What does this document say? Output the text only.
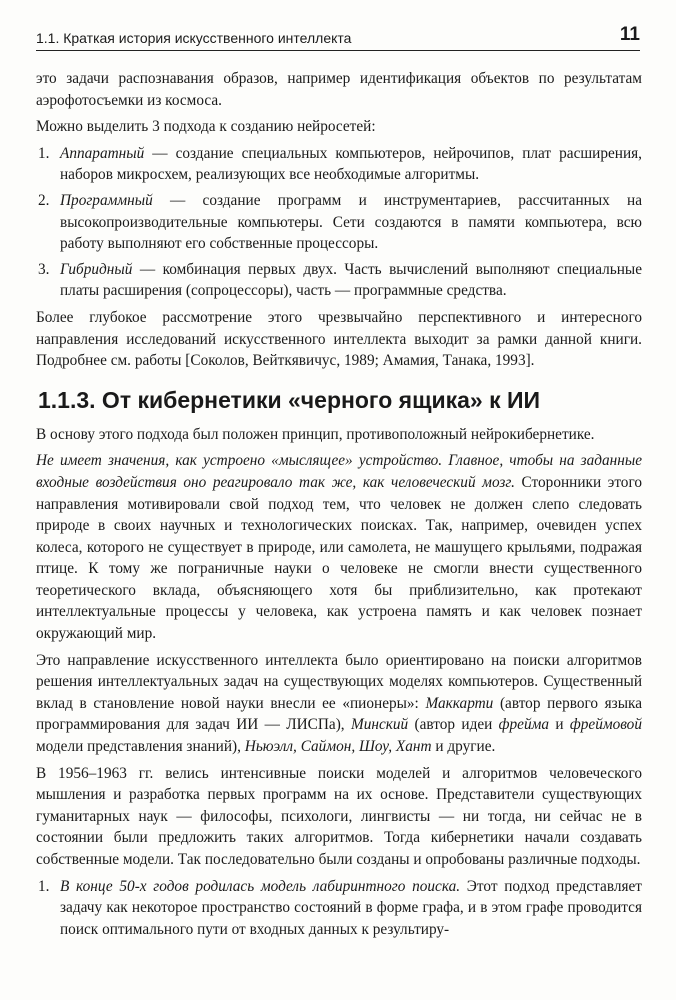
1.1. Краткая история искусственного интеллекта	11

это задачи распознавания образов, например идентификация объектов по результатам аэрофотосъемки из космоса.

Можно выделить 3 подхода к созданию нейросетей:

1. Аппаратный — создание специальных компьютеров, нейрочипов, плат расширения, наборов микросхем, реализующих все необходимые алгоритмы.
2. Программный — создание программ и инструментариев, рассчитанных на высокопроизводительные компьютеры. Сети создаются в памяти компьютера, всю работу выполняют его собственные процессоры.
3. Гибридный — комбинация первых двух. Часть вычислений выполняют специальные платы расширения (сопроцессоры), часть — программные средства.

Более глубокое рассмотрение этого чрезвычайно перспективного и интересного направления исследований искусственного интеллекта выходит за рамки данной книги. Подробнее см. работы [Соколов, Вейткявичус, 1989; Амамия, Танака, 1993].

1.1.3. От кибернетики «черного ящика» к ИИ

В основу этого подхода был положен принцип, противоположный нейрокибернетике.

Не имеет значения, как устроено «мыслящее» устройство. Главное, чтобы на заданные входные воздействия оно реагировало так же, как человеческий мозг. Сторонники этого направления мотивировали свой подход тем, что человек не должен слепо следовать природе в своих научных и технологических поисках. Так, например, очевиден успех колеса, которого не существует в природе, или самолета, не машущего крыльями, подражая птице. К тому же пограничные науки о человеке не смогли внести существенного теоретического вклада, объясняющего хотя бы приблизительно, как протекают интеллектуальные процессы у человека, как устроена память и как человек познает окружающий мир.

Это направление искусственного интеллекта было ориентировано на поиски алгоритмов решения интеллектуальных задач на существующих моделях компьютеров. Существенный вклад в становление новой науки внесли ее «пионеры»: Маккарти (автор первого языка программирования для задач ИИ — ЛИСПа), Минский (автор идеи фрейма и фреймовой модели представления знаний), Ньюэлл, Саймон, Шоу, Хант и другие.

В 1956–1963 гг. велись интенсивные поиски моделей и алгоритмов человеческого мышления и разработка первых программ на их основе. Представители существующих гуманитарных наук — философы, психологи, лингвисты — ни тогда, ни сейчас не в состоянии были предложить таких алгоритмов. Тогда кибернетики начали создавать собственные модели. Так последовательно были созданы и опробованы различные подходы.

1. В конце 50-х годов родилась модель лабиринтного поиска. Этот подход представляет задачу как некоторое пространство состояний в форме графа, и в этом графе проводится поиск оптимального пути от входных данных к результиру-
